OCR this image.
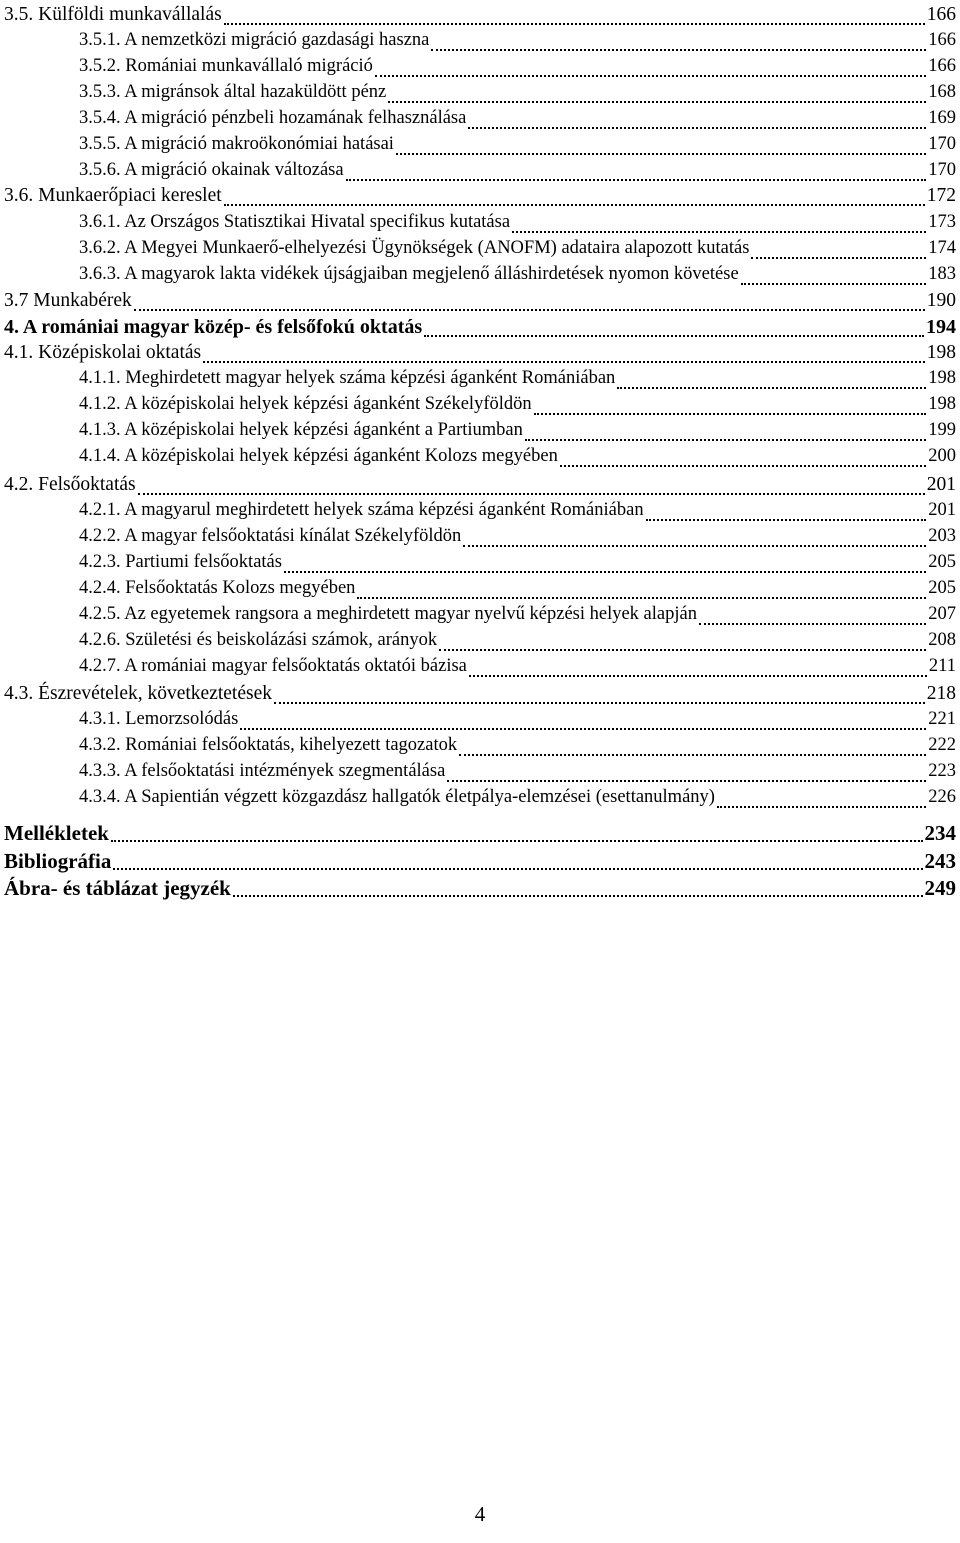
3.5. Külföldi munkavállalás	166
3.5.1. A nemzetközi migráció gazdasági haszna	166
3.5.2. Romániai munkavállaló migráció	166
3.5.3. A migránsok által hazaküldött pénz	168
3.5.4. A migráció pénzbeli hozamának felhasználása	169
3.5.5. A migráció makroökonómiai hatásai	170
3.5.6. A migráció okainak változása	170
3.6. Munkaerőpiaci kereslet	172
3.6.1. Az Országos Statisztikai Hivatal specifikus kutatása	173
3.6.2. A Megyei Munkaerő-elhelyezési Ügynökségek (ANOFM) adataira alapozott kutatás	174
3.6.3. A magyarok lakta vidékek újságjaiban megjelenő álláshirdetések nyomon követése	183
3.7 Munkabérek	190
4. A romániai magyar közép- és felsőfokú oktatás	194
4.1. Középiskolai oktatás	198
4.1.1. Meghirdetett magyar helyek száma képzési áganként Romániában	198
4.1.2. A középiskolai helyek képzési áganként Székelyföldön	198
4.1.3. A középiskolai helyek képzési áganként a Partiumban	199
4.1.4. A középiskolai helyek képzési áganként Kolozs megyében	200
4.2. Felsőoktatás	201
4.2.1. A magyarul meghirdetett helyek száma képzési áganként Romániában	201
4.2.2. A magyar felsőoktatási kínálat Székelyföldön	203
4.2.3. Partiumi felsőoktatás	205
4.2.4. Felsőoktatás Kolozs megyében	205
4.2.5. Az egyetemek rangsora a meghirdetett magyar nyelvű képzési helyek alapján	207
4.2.6. Születési és beiskolázási számok, arányok	208
4.2.7. A romániai magyar felsőoktatás oktatói bázisa	211
4.3. Észrevételek, következtetések	218
4.3.1. Lemorzsolódás	221
4.3.2. Romániai felsőoktatás, kihelyezett tagozatok	222
4.3.3. A felsőoktatási intézmények szegmentálása	223
4.3.4. A Sapientián végzett közgazdász hallgatók életpálya-elemzései (esettanulmány)	226
Mellékletek	234
Bibliográfia	243
Ábra- és táblázat jegyzék	249
4
